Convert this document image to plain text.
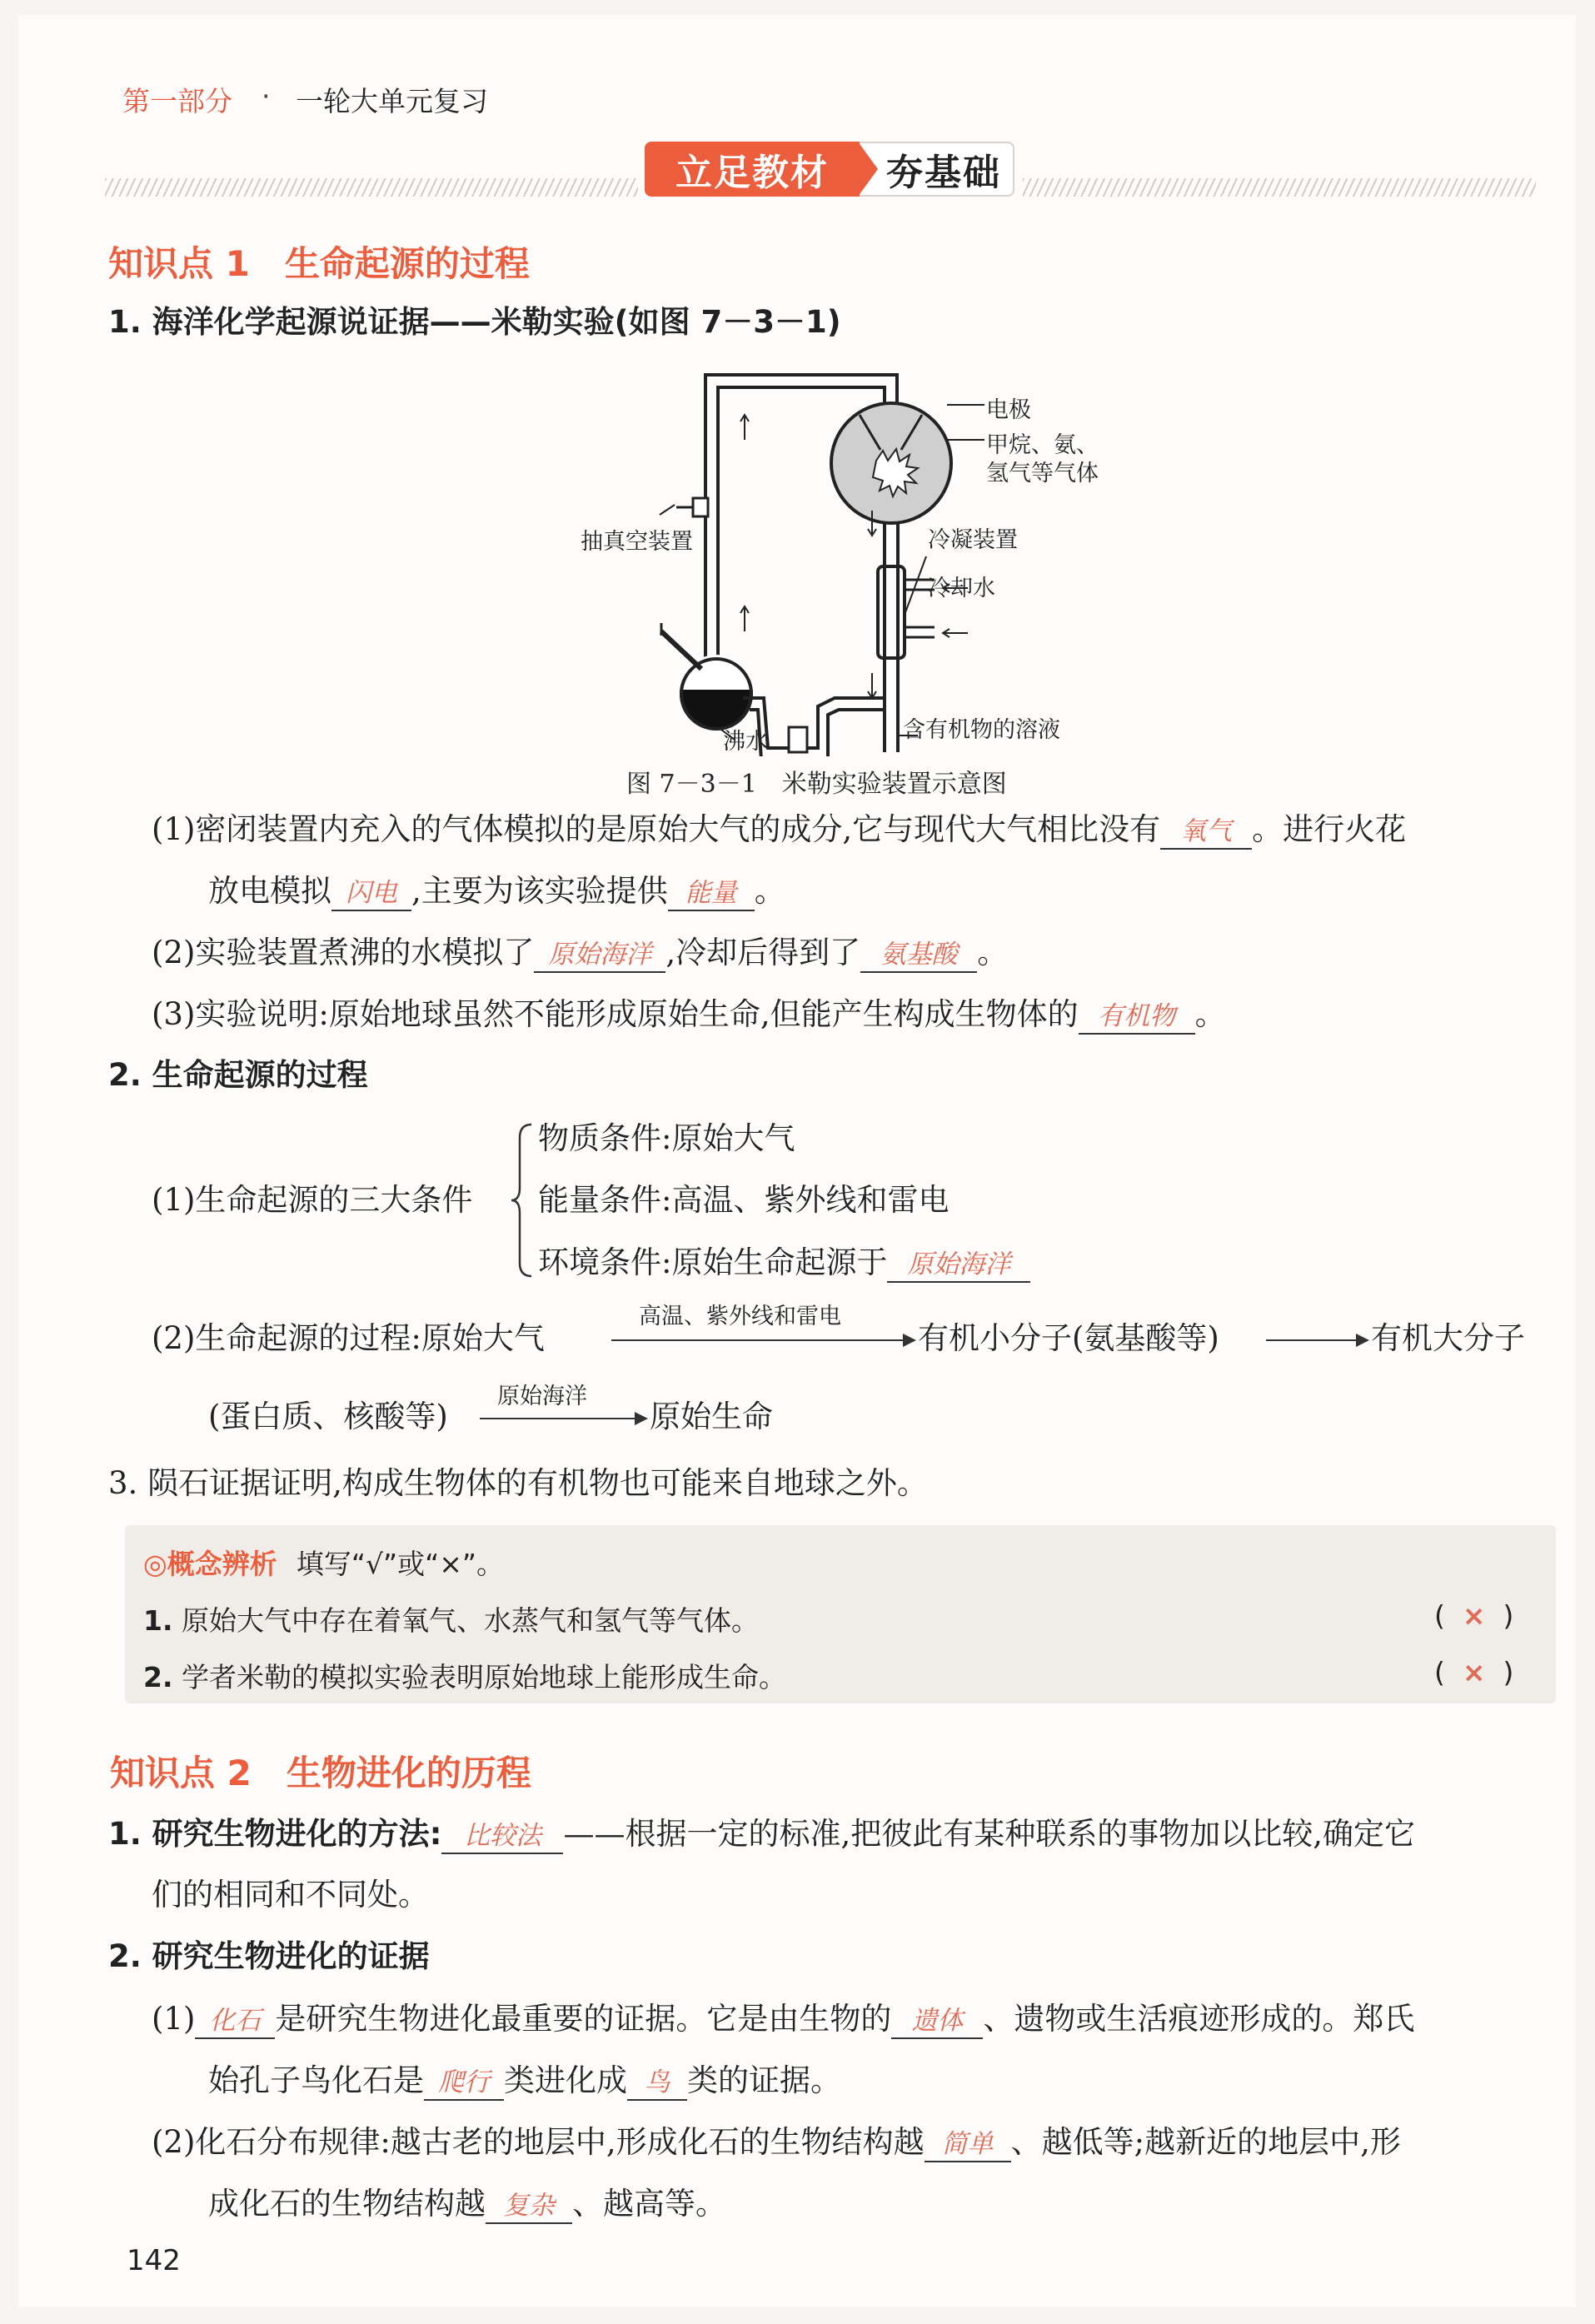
第一部分 · 一轮大单元复习
夯基础
立足教材
知识点 1　生命起源的过程
1. 海洋化学起源说证据——米勒实验(如图 7－3－1)
电极
甲烷、氨、
氢气等气体
抽真空装置	冷凝装置
冷却水
沸水	含有机物的溶液
图 7－3－1　米勒实验装置示意图
(1)密闭装置内充入的气体模拟的是原始大气的成分,它与现代大气相比没有 氧气 。进行火花
放电模拟 闪电 ,主要为该实验提供 能量 。
(2)实验装置煮沸的水模拟了 原始海洋 ,冷却后得到了 氨基酸 。
(3)实验说明:原始地球虽然不能形成原始生命,但能产生构成生物体的 有机物 。
2. 生命起源的过程
(1)生命起源的三大条件
物质条件:原始大气
能量条件:高温、紫外线和雷电
环境条件:原始生命起源于 原始海洋
(2)生命起源的过程:原始大气
高温、紫外线和雷电
有机小分子(氨基酸等)	有机大分子
(蛋白质、核酸等)
原始海洋
原始生命
3. 陨石证据证明,构成生物体的有机物也可能来自地球之外。
◎概念辨析 填写“√”或“×”。
1. 原始大气中存在着氧气、水蒸气和氢气等气体。	(  ×  )
2. 学者米勒的模拟实验表明原始地球上能形成生命。	(  ×  )
知识点 2　生物进化的历程
1. 研究生物进化的方法: 比较法 ——根据一定的标准,把彼此有某种联系的事物加以比较,确定它
们的相同和不同处。
2. 研究生物进化的证据
(1) 化石 是研究生物进化最重要的证据。它是由生物的 遗体 、遗物或生活痕迹形成的。郑氏
始孔子鸟化石是 爬行 类进化成 鸟 类的证据。
(2)化石分布规律:越古老的地层中,形成化石的生物结构越 简单 、越低等;越新近的地层中,形
成化石的生物结构越 复杂 、越高等。
142
